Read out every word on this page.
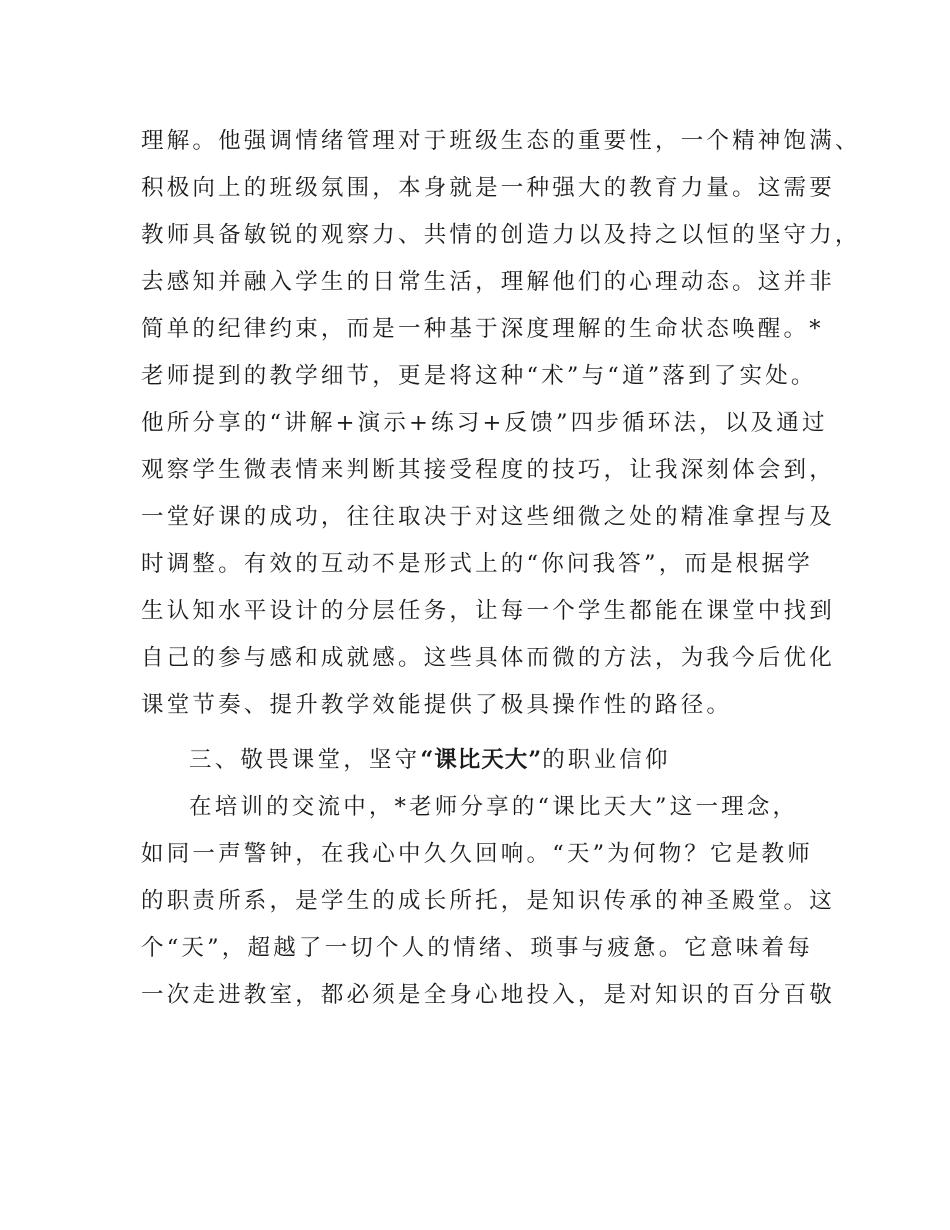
理解。他强调情绪管理对于班级生态的重要性，一个精神饱满、
积极向上的班级氛围，本身就是一种强大的教育力量。这需要
教师具备敏锐的观察力、共情的创造力以及持之以恒的坚守力，
去感知并融入学生的日常生活，理解他们的心理动态。这并非
简单的纪律约束，而是一种基于深度理解的生命状态唤醒。*
老师提到的教学细节，更是将这种“术”与“道”落到了实处。
他所分享的“讲解+演示+练习+反馈”四步循环法，以及通过
观察学生微表情来判断其接受程度的技巧，让我深刻体会到，
一堂好课的成功，往往取决于对这些细微之处的精准拿捏与及
时调整。有效的互动不是形式上的“你问我答”，而是根据学
生认知水平设计的分层任务，让每一个学生都能在课堂中找到
自己的参与感和成就感。这些具体而微的方法，为我今后优化
课堂节奏、提升教学效能提供了极具操作性的路径。
三、敬畏课堂，坚守“课比天大”的职业信仰
在培训的交流中，*老师分享的“课比天大”这一理念，
如同一声警钟，在我心中久久回响。“天”为何物？它是教师
的职责所系，是学生的成长所托，是知识传承的神圣殿堂。这
个“天”，超越了一切个人的情绪、琐事与疲惫。它意味着每
一次走进教室，都必须是全身心地投入，是对知识的百分百敬
